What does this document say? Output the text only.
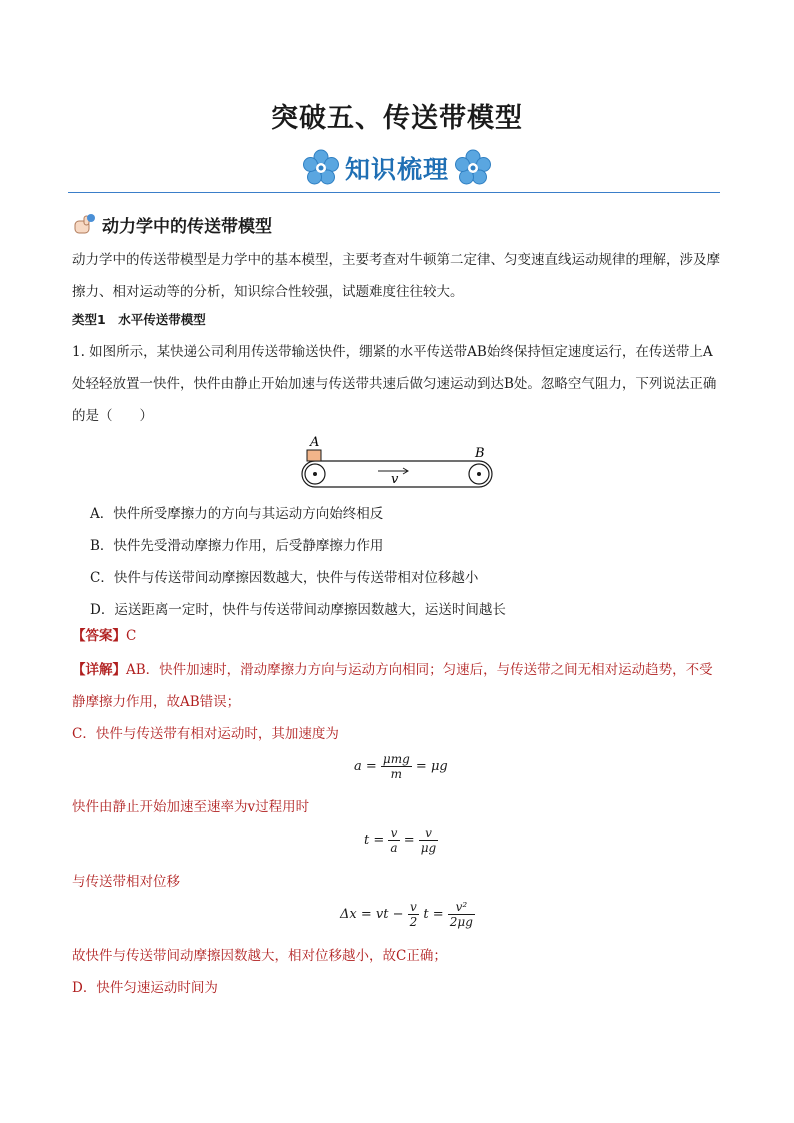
突破五、传送带模型
知识梳理
动力学中的传送带模型
动力学中的传送带模型是力学中的基本模型，主要考查对牛顿第二定律、匀变速直线运动规律的理解，涉及摩擦力、相对运动等的分析，知识综合性较强，试题难度往往较大。
类型1　水平传送带模型
1. 如图所示，某快递公司利用传送带输送快件，绷紧的水平传送带AB始终保持恒定速度运行，在传送带上A处轻轻放置一快件，快件由静止开始加速与传送带共速后做匀速运动到达B处。忽略空气阻力，下列说法正确的是（　　）
A
B
v
A．快件所受摩擦力的方向与其运动方向始终相反
B．快件先受滑动摩擦力作用，后受静摩擦力作用
C．快件与传送带间动摩擦因数越大，快件与传送带相对位移越小
D．运送距离一定时，快件与传送带间动摩擦因数越大，运送时间越长
【答案】C
【详解】AB．快件加速时，滑动摩擦力方向与运动方向相同；匀速后，与传送带之间无相对运动趋势，不受静摩擦力作用，故AB错误；
C．快件与传送带有相对运动时，其加速度为
$a = \frac{\text{μmg}}{m} = \mu g$
快件由静止开始加速至速率为v过程用时
$t = \frac{v}{a} = \frac{v}{\mu g}$
与传送带相对位移
Δx = vt − $\frac{v}{2}$ $t = \frac{\text{v²}}{2\mu g}$
故快件与传送带间动摩擦因数越大，相对位移越小，故C正确；
D．快件匀速运动时间为
